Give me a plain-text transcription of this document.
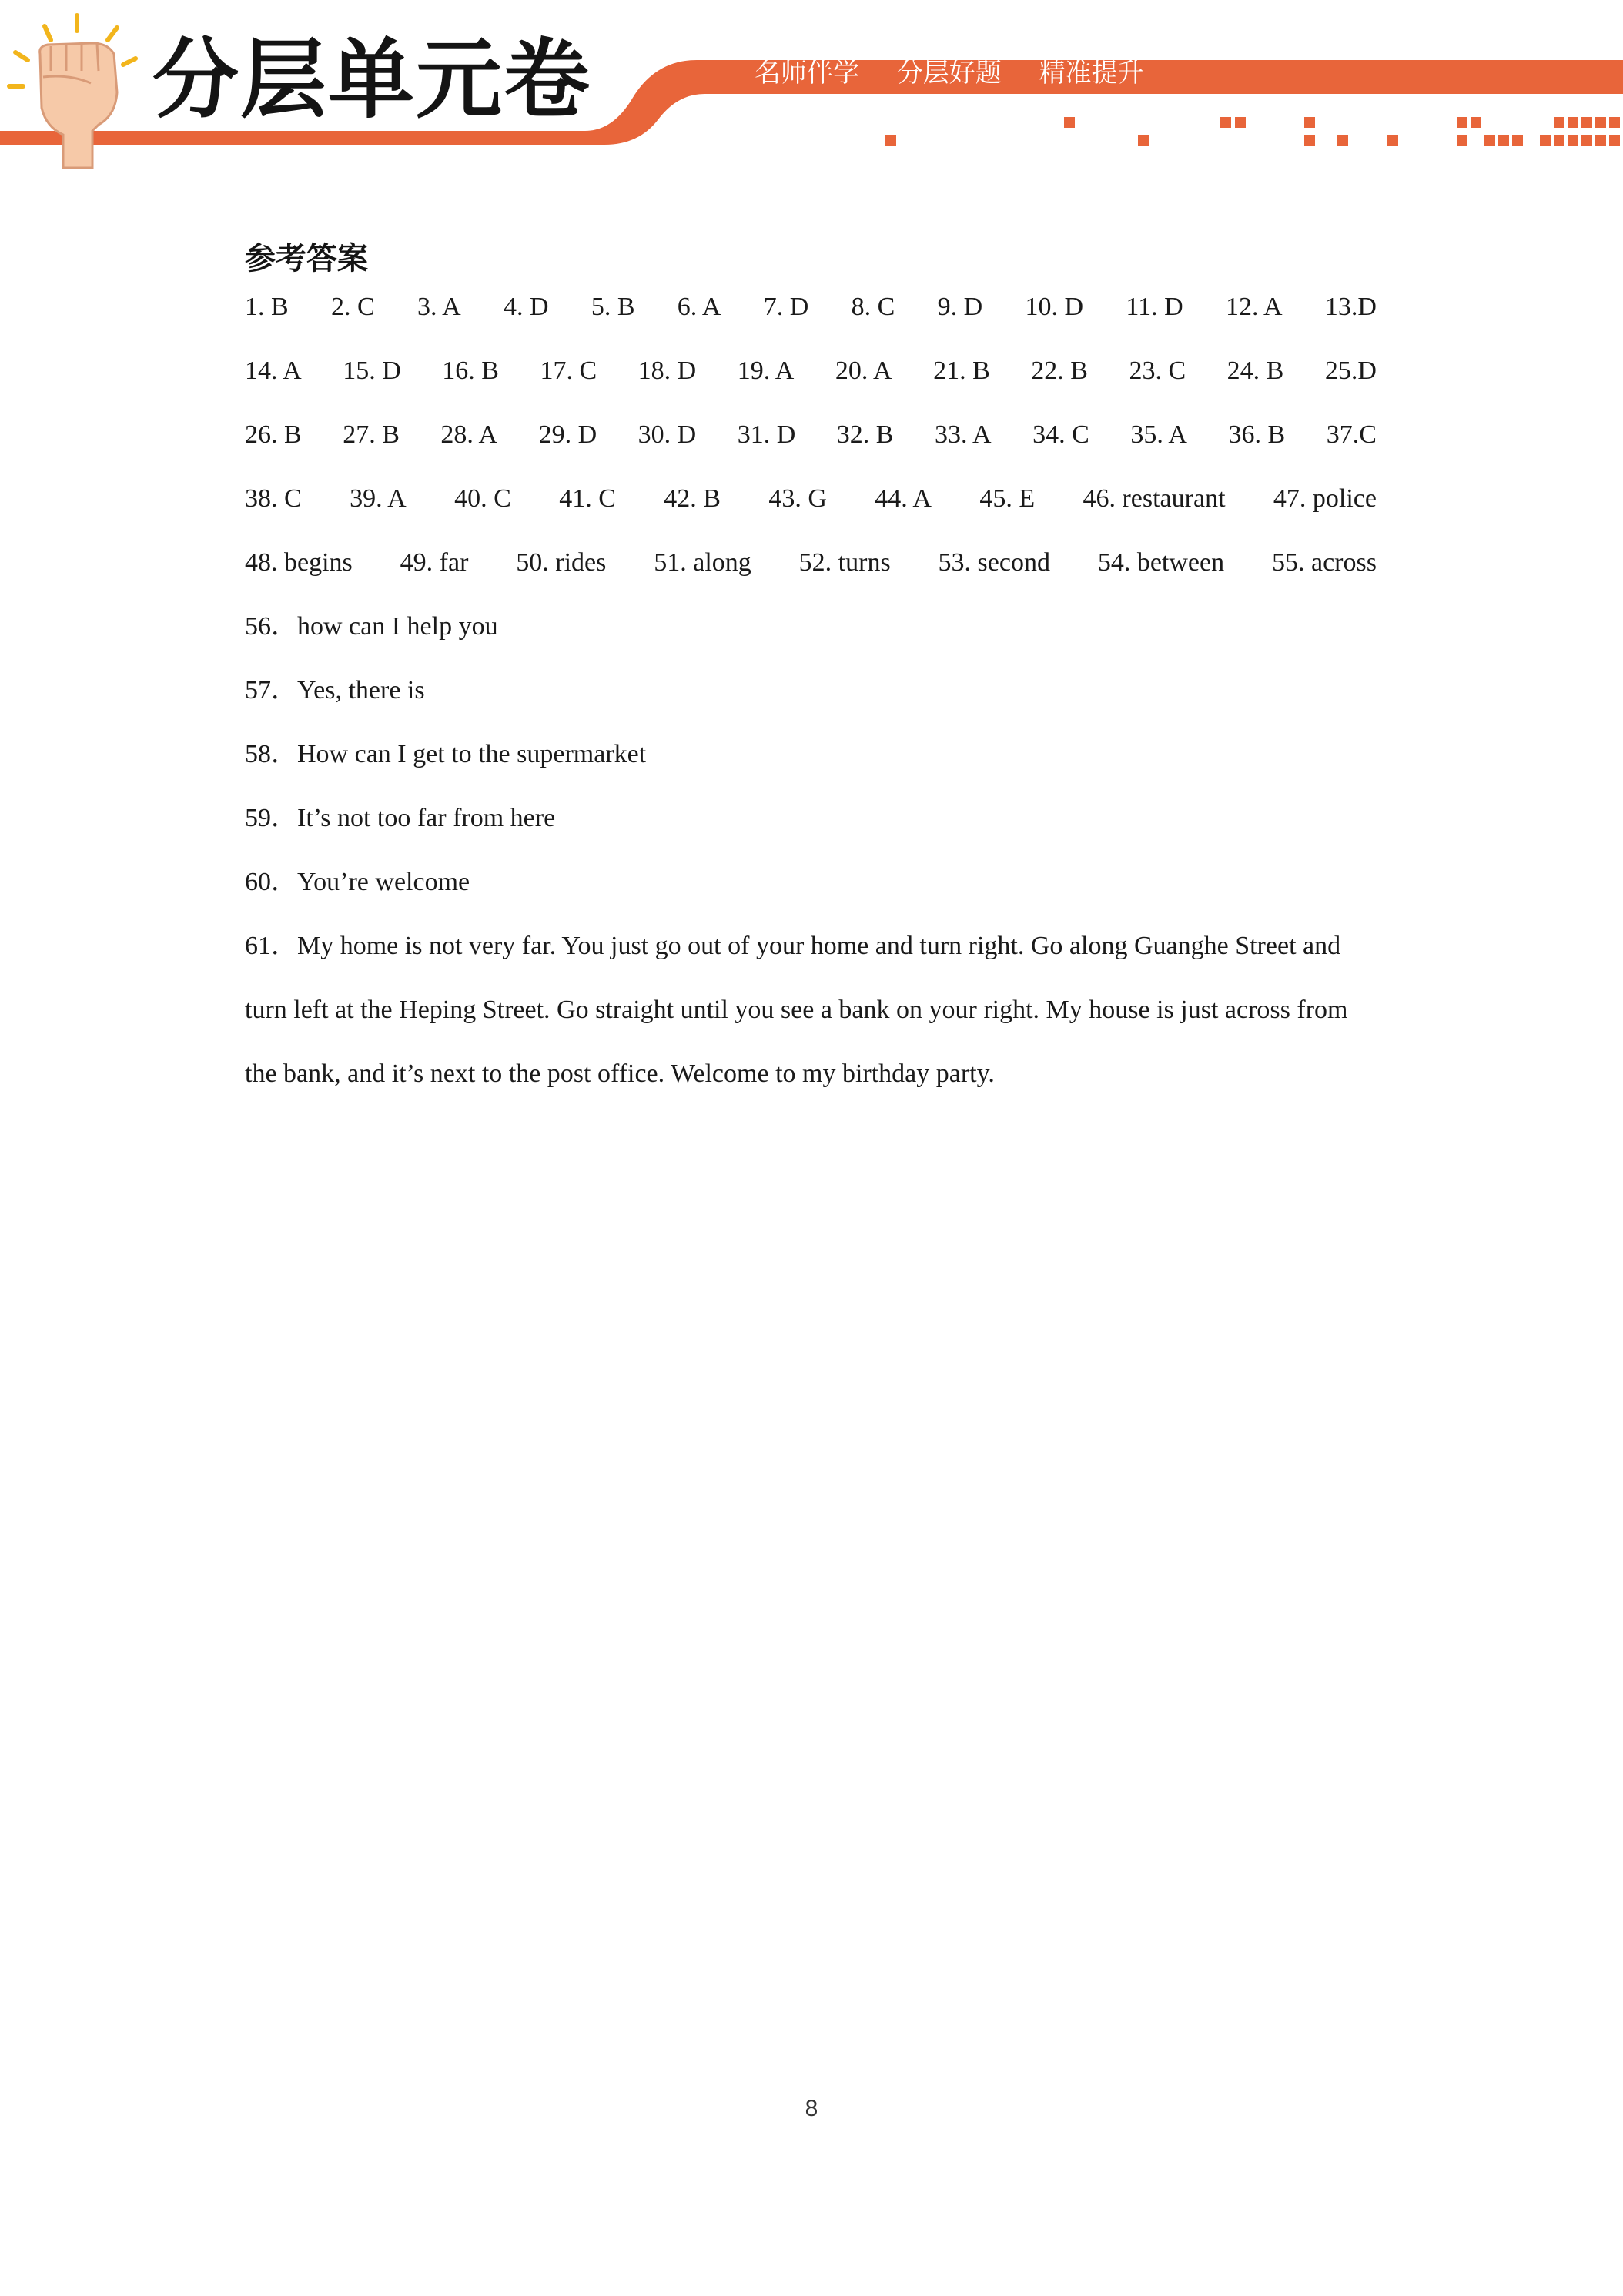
分层单元卷	名师伴学 分层好题 精准提升
参考答案
1. B 2. C 3. A 4. D 5. B 6. A 7. D 8. C 9. D 10. D 11. D 12. A 13.D
14. A 15. D 16. B 17. C 18. D 19. A 20. A 21. B 22. B 23. C 24. B 25.D
26. B 27. B 28. A 29. D 30. D 31. D 32. B 33. A 34. C 35. A 36. B 37.C
38. C 39. A 40. C 41. C 42. B 43. G 44. A 45. E 46. restaurant 47. police
48. begins 49. far 50. rides 51. along 52. turns 53. second 54. between 55. across
56．how can I help you
57．Yes, there is
58．How can I get to the supermarket
59．It’s not too far from here
60．You’re welcome
61．My home is not very far. You just go out of your home and turn right. Go along Guanghe Street and turn left at the Heping Street. Go straight until you see a bank on your right. My house is just across from the bank, and it’s next to the post office. Welcome to my birthday party.
8
